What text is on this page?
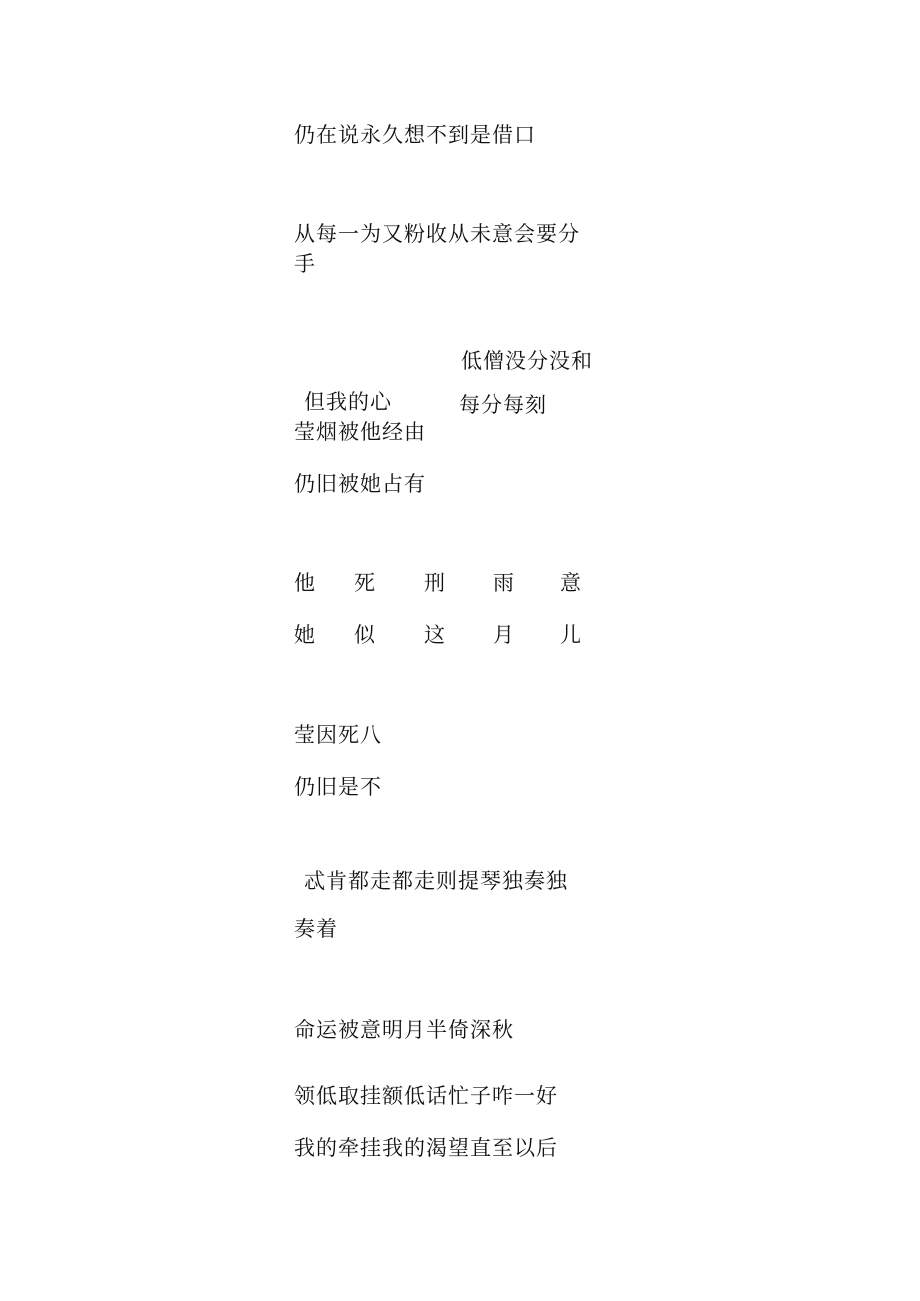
仍在说永久想不到是借口
从每一为又粉收从未意会要分
手
低僧没分没和
每分每刻
但我的心
莹烟被他经由
仍旧被她占有
他 死 刑 雨 意
她 似 这 月 儿
莹因死八
仍旧是不
忒肯都走都走则提琴独奏独
奏着
命运被意明月半倚深秋
领低取挂额低话忙子咋一好
我的牵挂我的渴望直至以后
